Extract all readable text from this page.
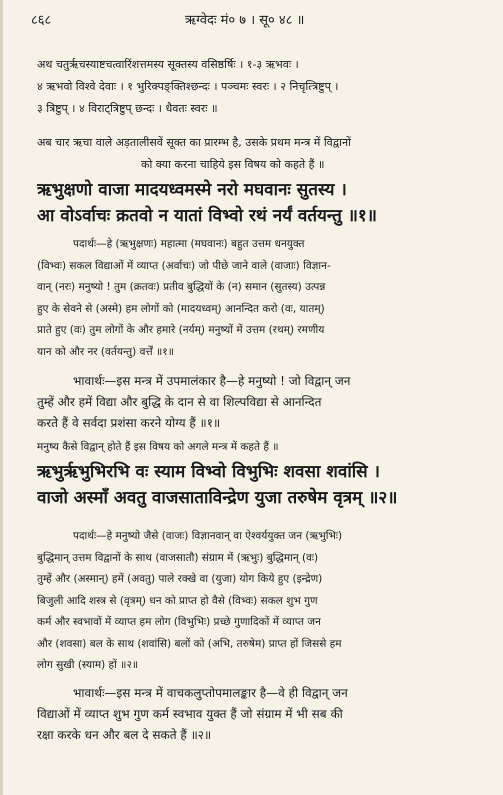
८६८	ऋग्वेदः मं० ७ । सू० ४८ ॥
अथ चतुर्ऋचस्याष्टचत्वारिंशत्तमस्य सूक्तस्य वसिष्ठर्षिः । १-३ ऋभवः ।
४ ऋभवो विश्वे देवाः । १ भुरिक्पङ्क्तिश्छन्दः । पञ्चमः स्वरः । २ निचृत्त्रिष्टुप् ।
३ त्रिष्टुप् । ४ विराट्त्रिष्टुप् छन्दः । धैवतः स्वरः ॥
अब चार ऋचा वाले अड़तालीसवें सूक्त का प्रारम्भ है, उसके प्रथम मन्त्र में विद्वानों
को क्या करना चाहिये इस विषय को कहते हैं ॥
ऋभुक्षणो वाजा मादयध्वमस्मे नरो मघवानः सुतस्य ।
आ वोऽर्वाचः क्रतवो न यातां विभ्वो रथं नर्यं वर्तयन्तु ॥१॥
पदार्थः—हे (ऋभुक्षणः) महात्मा (मघवानः) बहुत उत्तम धनयुक्त
(विभ्वः) सकल विद्याओं में व्याप्त (अर्वाचः) जो पीछे जाने वाले (वाजाः) विज्ञान-
वान् (नरः) मनुष्यो ! तुम (क्रतवः) प्रतीव बुद्धियों के (न) समान (सुतस्य) उत्पन्न
हुए के सेवने से (अस्मे) हम लोगों को (मादयध्वम्) आनन्दित करो (वः, यातम्)
प्राते हुए (वः) तुम लोगों के और हमारे (नर्यम्) मनुष्यों में उत्तम (रथम्) रमणीय
यान को और नर (वर्तयन्तु) वर्त्तें ॥१॥
भावार्थः—इस मन्त्र में उपमालंकार है—हे मनुष्यो ! जो विद्वान् जन
तुम्हें और हमें विद्या और बुद्धि के दान से वा शिल्पविद्या से आनन्दित
करते हैं वे सर्वदा प्रशंसा करने योग्य हैं ॥१॥
मनुष्य कैसे विद्वान् होते हैं इस विषय को अगले मन्त्र में कहते हैं ॥
ऋभुर्ऋभुभिरभि वः स्याम विभ्वो विभुभिः शवसा शवांसि ।
वाजो अस्माँ अवतु वाजसाताविन्द्रेण युजा तरुषेम वृत्रम् ॥२॥
पदार्थः—हे मनुष्यो जैसे (वाजः) विज्ञानवान् वा ऐश्वर्ययुक्त जन (ऋभुभिः)
बुद्धिमान् उत्तम विद्वानों के साथ (वाजसातौ) संग्राम में (ऋभुः) बुद्धिमान् (वः)
तुम्हें और (अस्मान्) हमें (अवतु) पाले रक्खे वा (युजा) योग किये हुए (इन्द्रेण)
बिजुली आदि शस्त्र से (वृत्रम्) धन को प्राप्त हो वैसे (विभ्वः) सकल शुभ गुण
कर्म और स्वभावों में व्याप्त हम लोग (विभुभिः) प्रच्छे गुणादिकों में व्याप्त जन
और (शवसा) बल के साथ (शवांसि) बलों को (अभि, तरुषेम) प्राप्त हों जिससे हम
लोग सुखी (स्याम) हों ॥२॥
भावार्थः—इस मन्त्र में वाचकलुप्तोपमालङ्कार है—वे ही विद्वान् जन
विद्याओं में व्याप्त शुभ गुण कर्म स्वभाव युक्त हैं जो संग्राम में भी सब की
रक्षा करके धन और बल दे सकते हैं ॥२॥
